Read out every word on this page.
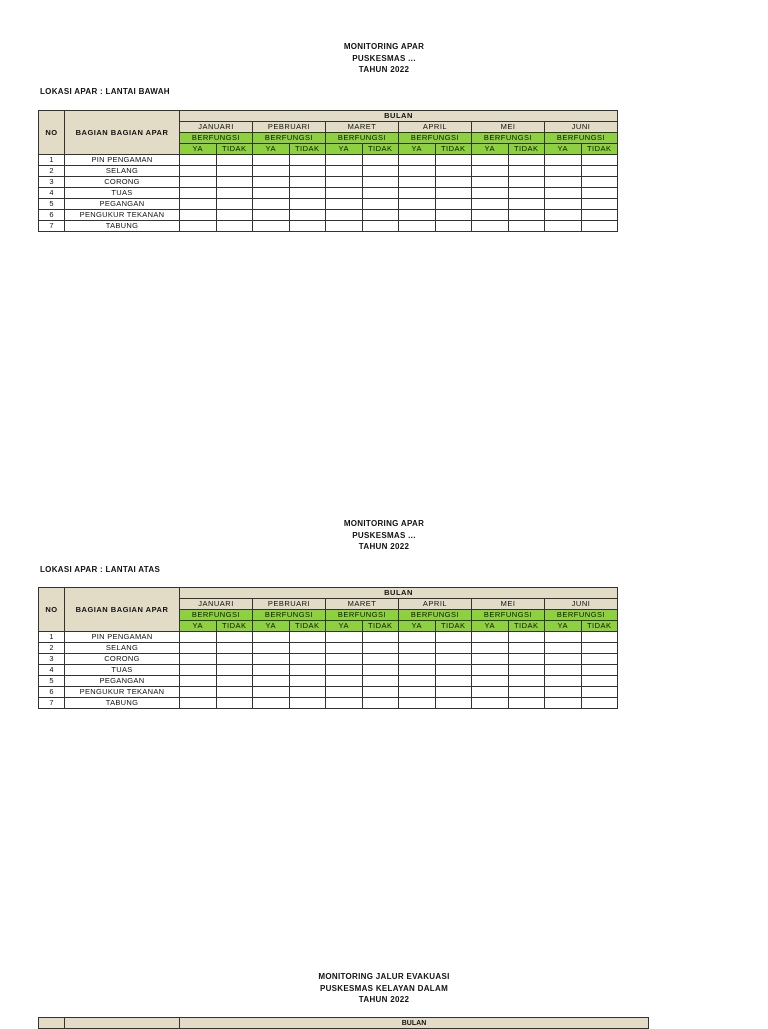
MONITORING APAR
PUSKESMAS ...
TAHUN 2022
LOKASI APAR : LANTAI BAWAH
NO	BAGIAN BAGIAN APAR	BULAN											
		JANUARI		PEBRUARI		MARET		APRIL		MEI		JUNI	
		BERFUNGSI		BERFUNGSI		BERFUNGSI		BERFUNGSI		BERFUNGSI		BERFUNGSI	
		YA	TIDAK	YA	TIDAK	YA	TIDAK	YA	TIDAK	YA	TIDAK	YA	TIDAK
1	PIN PENGAMAN												
2	SELANG												
3	CORONG												
4	TUAS												
5	PEGANGAN												
6	PENGUKUR TEKANAN												
7	TABUNG												
MONITORING APAR
PUSKESMAS ...
TAHUN 2022
LOKASI APAR : LANTAI ATAS
NO	BAGIAN BAGIAN APAR	BULAN											
		JANUARI		PEBRUARI		MARET		APRIL		MEI		JUNI	
		BERFUNGSI		BERFUNGSI		BERFUNGSI		BERFUNGSI		BERFUNGSI		BERFUNGSI	
		YA	TIDAK	YA	TIDAK	YA	TIDAK	YA	TIDAK	YA	TIDAK	YA	TIDAK
1	PIN PENGAMAN												
2	SELANG												
3	CORONG												
4	TUAS												
5	PEGANGAN												
6	PENGUKUR TEKANAN												
7	TABUNG												
MONITORING JALUR EVAKUASI
PUSKESMAS KELAYAN DALAM
TAHUN 2022
		BULAN
